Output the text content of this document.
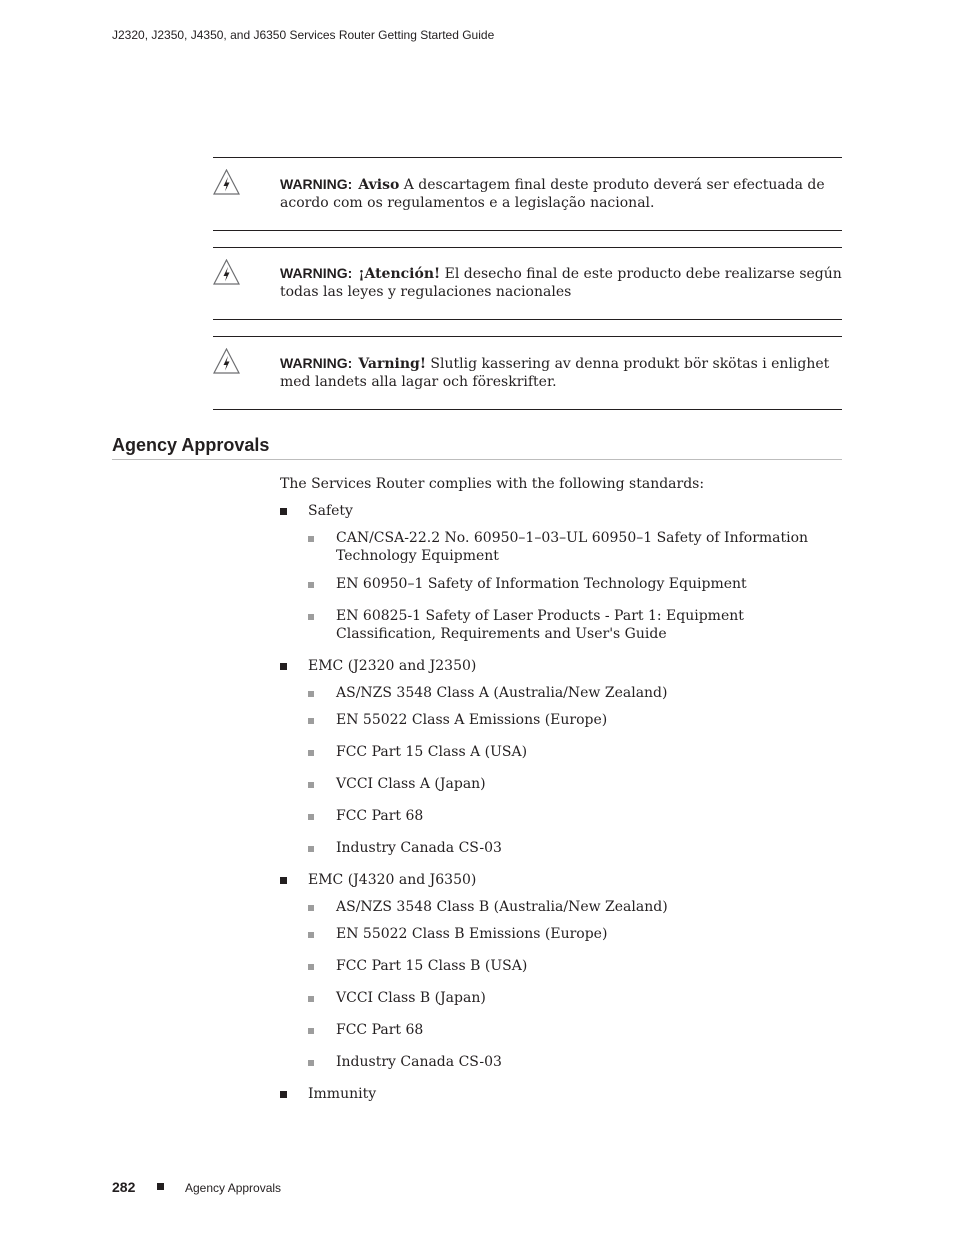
J2320, J2350, J4350, and J6350 Services Router Getting Started Guide
WARNING: Aviso A descartagem final deste produto deverá ser efectuada de acordo com os regulamentos e a legislação nacional.
WARNING: ¡Atención! El desecho final de este producto debe realizarse según todas las leyes y regulaciones nacionales
WARNING: Varning! Slutlig kassering av denna produkt bör skötas i enlighet med landets alla lagar och föreskrifter.
Agency Approvals
The Services Router complies with the following standards:
Safety
CAN/CSA-22.2 No. 60950–1–03–UL 60950–1 Safety of Information Technology Equipment
EN 60950–1 Safety of Information Technology Equipment
EN 60825-1 Safety of Laser Products - Part 1: Equipment Classification, Requirements and User's Guide
EMC (J2320 and J2350)
AS/NZS 3548 Class A (Australia/New Zealand)
EN 55022 Class A Emissions (Europe)
FCC Part 15 Class A (USA)
VCCI Class A (Japan)
FCC Part 68
Industry Canada CS-03
EMC (J4320 and J6350)
AS/NZS 3548 Class B (Australia/New Zealand)
EN 55022 Class B Emissions (Europe)
FCC Part 15 Class B (USA)
VCCI Class B (Japan)
FCC Part 68
Industry Canada CS-03
Immunity
282	Agency Approvals
